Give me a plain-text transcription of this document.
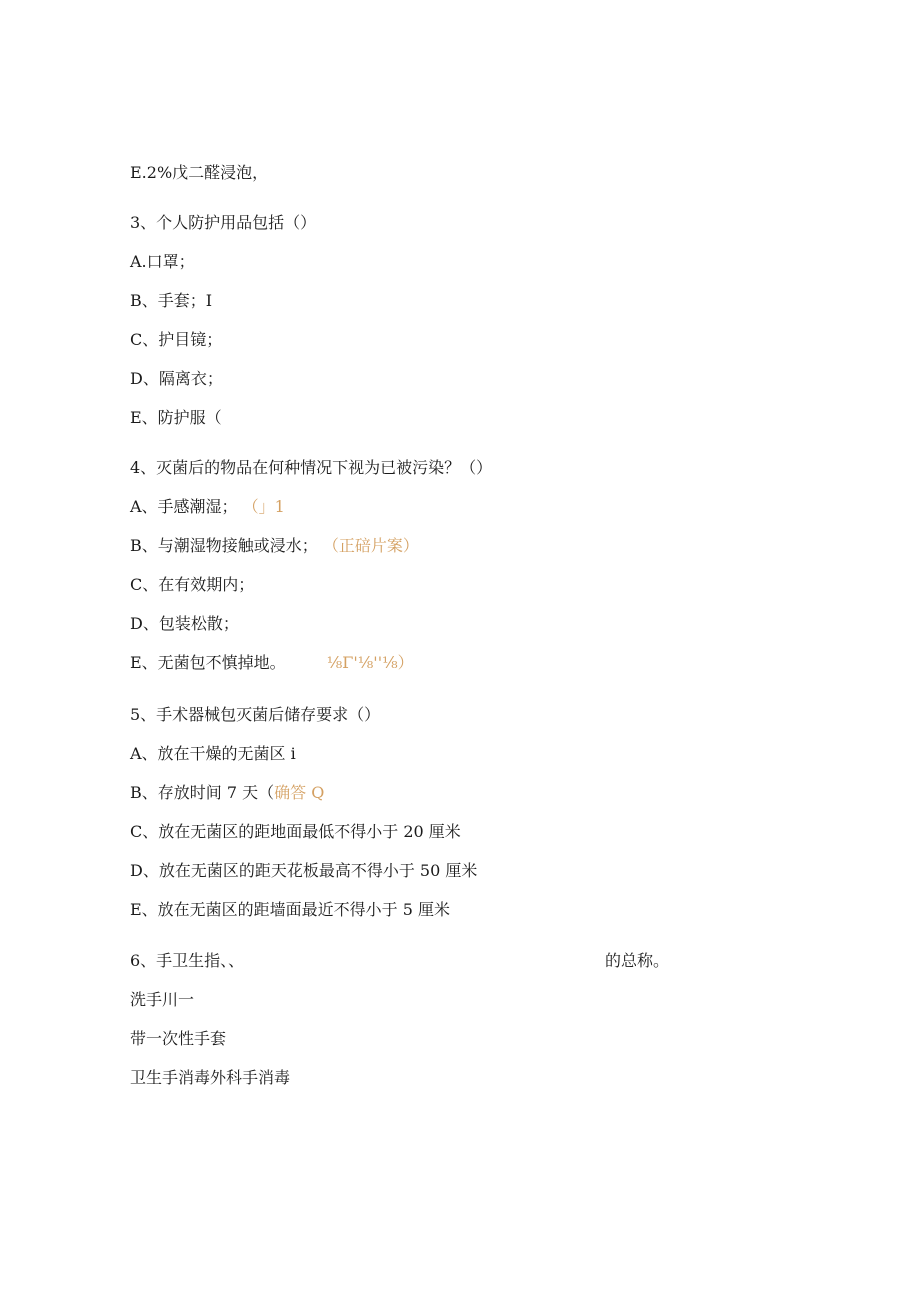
E.2%戊二醛浸泡，
3、个人防护用品包括（）
A.口罩；
B、手套；I
C、护目镜；
D、隔离衣；
E、防护服（
4、灭菌后的物品在何种情况下视为已被污染？（）
A、手感潮湿； （」1
B、与潮湿物接触或浸水； （正碚片案）
C、在有效期内；
D、包装松散；
E、无菌包不慎掉地。	⅛Γ'⅛''⅛）
5、手术器械包灭菌后储存要求（）
A、放在干燥的无菌区 i
B、存放时间 7 天（确答 Q
C、放在无菌区的距地面最低不得小于 20 厘米
D、放在无菌区的距天花板最高不得小于 50 厘米
E、放在无菌区的距墙面最近不得小于 5 厘米
6、手卫生指、、	的总称。
洗手川一
带一次性手套
卫生手消毒外科手消毒
